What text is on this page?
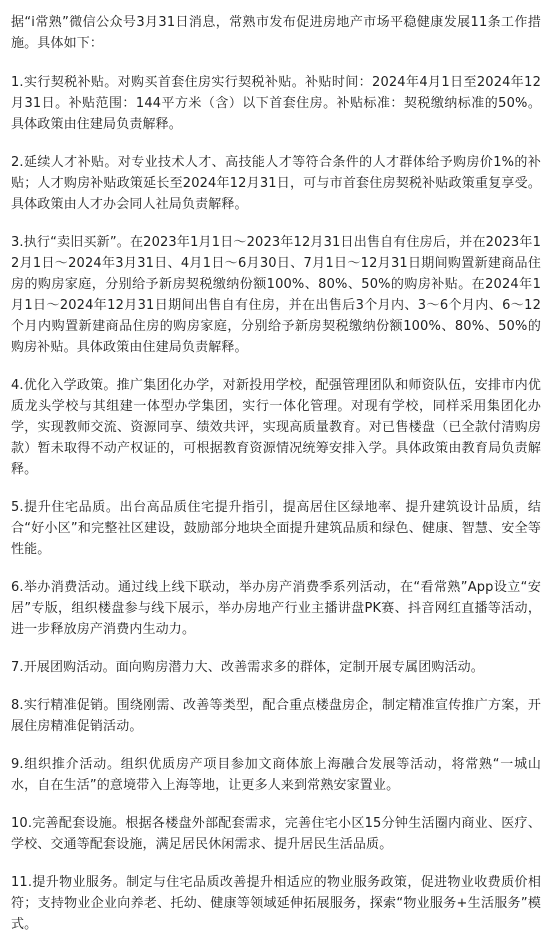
据“i常熟”微信公众号3月31日消息，常熟市发布促进房地产市场平稳健康发展11条工作措施。具体如下：

1.实行契税补贴。对购买首套住房实行契税补贴。补贴时间：2024年4月1日至2024年12月31日。补贴范围：144平方米（含）以下首套住房。补贴标准：契税缴纳标准的50%。具体政策由住建局负责解释。

2.延续人才补贴。对专业技术人才、高技能人才等符合条件的人才群体给予购房价1%的补贴；人才购房补贴政策延长至2024年12月31日，可与市首套住房契税补贴政策重复享受。具体政策由人才办会同人社局负责解释。

3.执行“卖旧买新”。在2023年1月1日～2023年12月31日出售自有住房后，并在2023年12月1日～2024年3月31日、4月1日～6月30日、7月1日～12月31日期间购置新建商品住房的购房家庭，分别给予新房契税缴纳份额100%、80%、50%的购房补贴。在2024年1月1日～2024年12月31日期间出售自有住房，并在出售后3个月内、3～6个月内、6～12个月内购置新建商品住房的购房家庭，分别给予新房契税缴纳份额100%、80%、50%的购房补贴。具体政策由住建局负责解释。

4.优化入学政策。推广集团化办学，对新投用学校，配强管理团队和师资队伍，安排市内优质龙头学校与其组建一体型办学集团，实行一体化管理。对现有学校，同样采用集团化办学，实现教师交流、资源同享、绩效共评，实现高质量教育。对已售楼盘（已全款付清购房款）暂未取得不动产权证的，可根据教育资源情况统筹安排入学。具体政策由教育局负责解释。

5.提升住宅品质。出台高品质住宅提升指引，提高居住区绿地率、提升建筑设计品质，结合“好小区”和完整社区建设，鼓励部分地块全面提升建筑品质和绿色、健康、智慧、安全等性能。

6.举办消费活动。通过线上线下联动，举办房产消费季系列活动，在“看常熟”App设立“安居”专版，组织楼盘参与线下展示，举办房地产行业主播讲盘PK赛、抖音网红直播等活动，进一步释放房产消费内生动力。

7.开展团购活动。面向购房潜力大、改善需求多的群体，定制开展专属团购活动。

8.实行精准促销。围绕刚需、改善等类型，配合重点楼盘房企，制定精准宣传推广方案，开展住房精准促销活动。

9.组织推介活动。组织优质房产项目参加文商体旅上海融合发展等活动，将常熟“一城山水，自在生活”的意境带入上海等地，让更多人来到常熟安家置业。

10.完善配套设施。根据各楼盘外部配套需求，完善住宅小区15分钟生活圈内商业、医疗、学校、交通等配套设施，满足居民休闲需求、提升居民生活品质。

11.提升物业服务。制定与住宅品质改善提升相适应的物业服务政策，促进物业收费质价相符；支持物业企业向养老、托幼、健康等领域延伸拓展服务，探索“物业服务+生活服务”模式。
